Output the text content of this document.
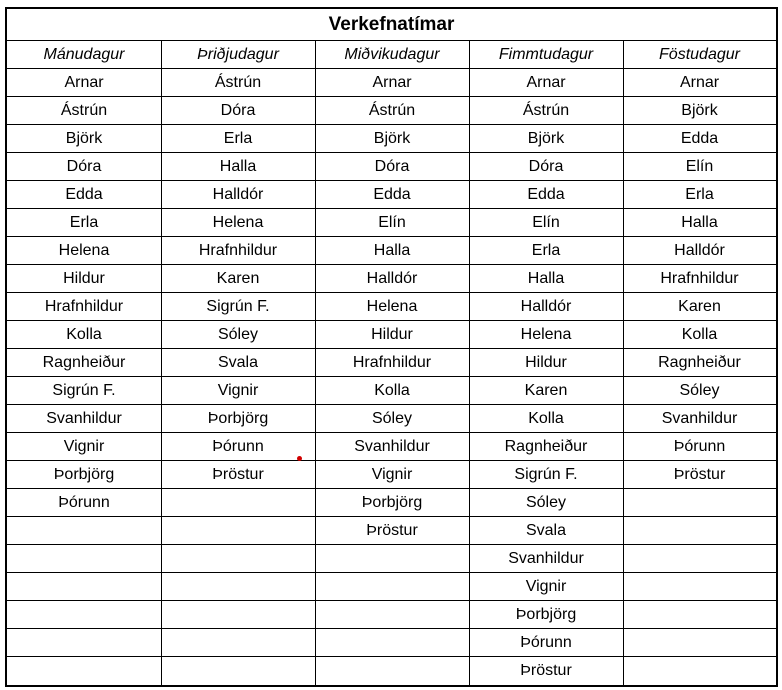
Verkefnatímar
Mánudagur
Arnar
Ástrún
Björk
Dóra
Edda
Erla
Helena
Hildur
Hrafnhildur
Kolla
Ragnheiður
Sigrún F.
Svanhildur
Vignir
Þorbjörg
Þórunn
Þriðjudagur
Ástrún
Dóra
Erla
Halla
Halldór
Helena
Hrafnhildur
Karen
Sigrún F.
Sóley
Svala
Vignir
Þorbjörg
Þórunn
Þröstur
Miðvikudagur
Arnar
Ástrún
Björk
Dóra
Edda
Elín
Halla
Halldór
Helena
Hildur
Hrafnhildur
Kolla
Sóley
Svanhildur
Vignir
Þorbjörg
Þröstur
Fimmtudagur
Arnar
Ástrún
Björk
Dóra
Edda
Elín
Erla
Halla
Halldór
Helena
Hildur
Karen
Kolla
Ragnheiður
Sigrún F.
Sóley
Svala
Svanhildur
Vignir
Þorbjörg
Þórunn
Þröstur
Föstudagur
Arnar
Björk
Edda
Elín
Erla
Halla
Halldór
Hrafnhildur
Karen
Kolla
Ragnheiður
Sóley
Svanhildur
Þórunn
Þröstur
